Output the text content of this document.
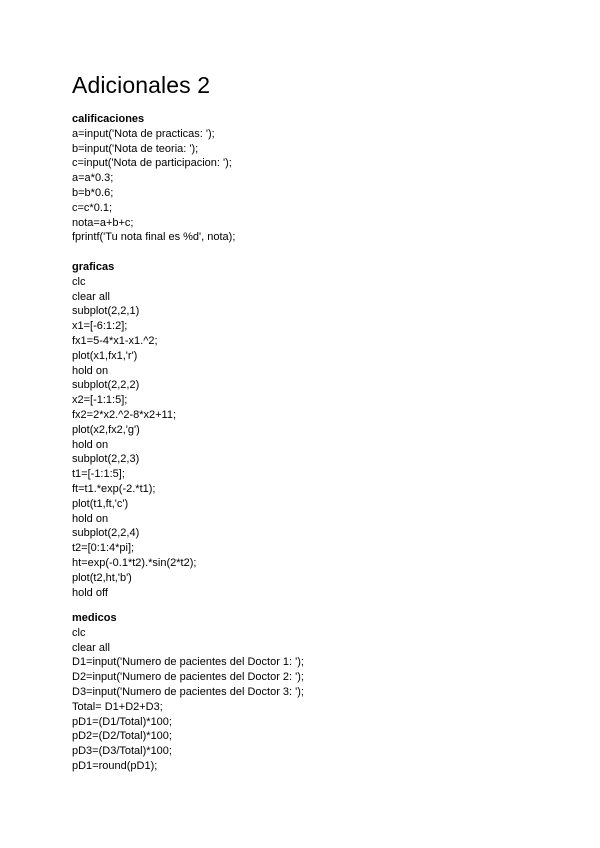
Adicionales 2
calificaciones
a=input('Nota de practicas: ');
b=input('Nota de teoria: ');
c=input('Nota de participacion: ');
a=a*0.3;
b=b*0.6;
c=c*0.1;
nota=a+b+c;
fprintf('Tu nota final es %d', nota);
graficas
clc
clear all
subplot(2,2,1)
x1=[-6:1:2];
fx1=5-4*x1-x1.^2;
plot(x1,fx1,'r')
hold on
subplot(2,2,2)
x2=[-1:1:5];
fx2=2*x2.^2-8*x2+11;
plot(x2,fx2,'g')
hold on
subplot(2,2,3)
t1=[-1:1:5];
ft=t1.*exp(-2.*t1);
plot(t1,ft,'c')
hold on
subplot(2,2,4)
t2=[0:1:4*pi];
ht=exp(-0.1*t2).*sin(2*t2);
plot(t2,ht,'b')
hold off
medicos
clc
clear all
D1=input('Numero de pacientes del Doctor 1: ');
D2=input('Numero de pacientes del Doctor 2: ');
D3=input('Numero de pacientes del Doctor 3: ');
Total= D1+D2+D3;
pD1=(D1/Total)*100;
pD2=(D2/Total)*100;
pD3=(D3/Total)*100;
pD1=round(pD1);
